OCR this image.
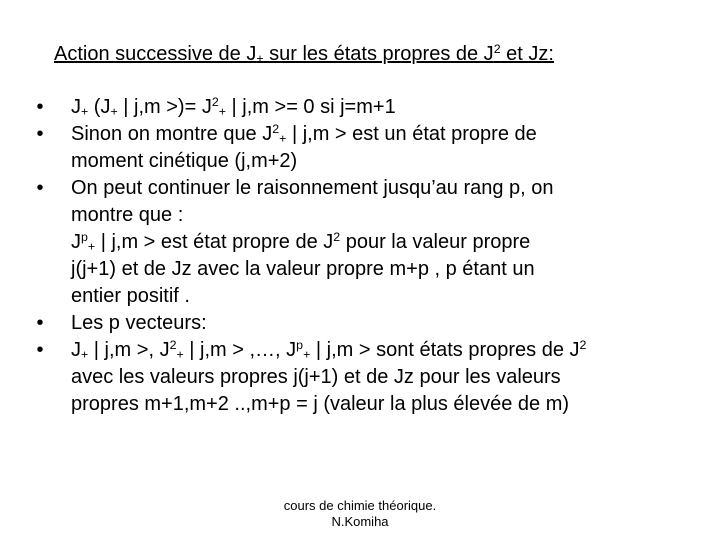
Action successive de $J_+$ sur les états propres de $J^2$ et Jz:
•	$J_+$ ($J_+$ | j,m >)= $J^2_+$ | j,m >= 0 si j=m+1

•	Sinon on montre que $J^2_+$ | j,m > est un état propre de

moment cinétique (j,m+2)

•	On peut continuer le raisonnement jusqu’au rang p, on

montre que :

$J^p_+$ | j,m > est état propre de $J^2$ pour la valeur propre

j(j+1) et de Jz avec la valeur propre m+p , p étant un

entier positif .

•	Les p vecteurs:

•	$J_+$ | j,m >, $J^2_+$ | j,m > ,…, $J^p_+$ | j,m > sont états propres de $J^2$

avec les valeurs propres j(j+1) et de Jz pour les valeurs

propres m+1,m+2 ..,m+p = j (valeur la plus élevée de m)

cours de chimie théorique.
N.Komiha
